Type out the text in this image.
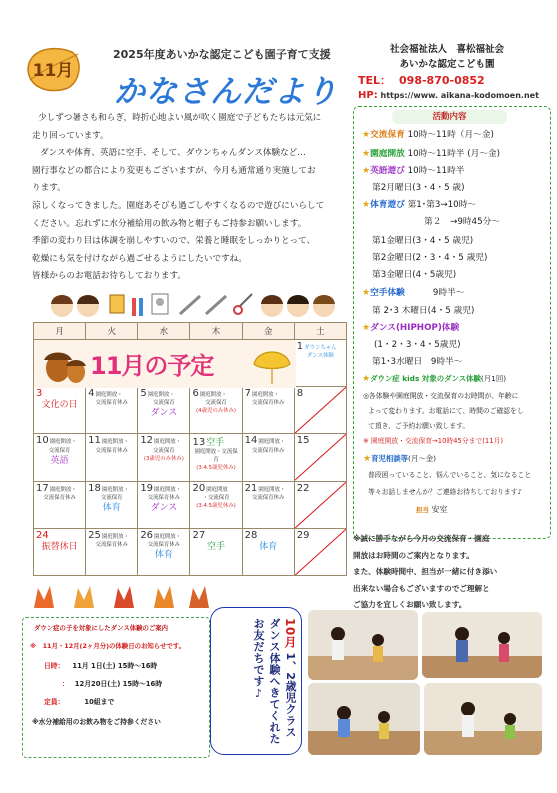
11月
2025年度あいかな認定こども園子育て支援
かなさんだより
社会福祉法人　喜松福祉会
あいかな認定こども園
TEL： 098-870-0852
HP: https://www. aikana-kodomoen.net

少しずつ暑さも和らぎ，時折心地よい風が吹く園庭で子どもたちは元気に

走り回っています。

ダンスや体育、英語に空手、そして、ダウンちゃんダンス体験など…

園行事などの都合により変更もございますが、今月も通常通り実施してお

ります。

涼しくなってきました。園庭あそびも過ごしやすくなるので遊びにいらして

ください。忘れずに水分補給用の飲み物と帽子もご持参お願いします。

季節の変わり目は体調を崩しやすいので、栄養と睡眠をしっかりとって、

乾燥にも気を付けながら過ごせるようにしたいですね。

皆様からのお電話お待ちしております。

活動内容
★交流保育 10時～11時（月～金)
★園庭開放 10時～11時半 (月～金)
★英語遊び 10時～11時半
第2月曜日(3・4・5 歳)
★体育遊び 第1･第3→10時～
第２　→9時45分～
第1金曜日(3・4・5 歳児)
第2金曜日(2・3・4・5 歳児)
第3金曜日(4・5歳児)
★空手体験	9時半～
第 2･3 木曜日(4・5 歳児)
★ダンス(HIPHOP)体験
(1・2・3・4・5歳児)
第1･3水曜日　9時半～
★ダウン症 kids 対象のダンス体験(月1回)
◎各体験や園庭開放・交流保育のお時間が、年齢に
よって変わります。お電話にて、時間のご確認をし
て頂き、ご予約お願い致します。
※ 園庭開放・交流保育→10時45分まで(11月)
★育児相談等(月～金)
普段困っていること、悩んでいること、気になること
等々お話しませんか？ご連絡お待ちしております♪
担当 安室

※誠に勝手ながら今月の交流保育・園庭

開放はお時間のご案内となります。

また、体験時間中、担当が一緒に付き添い

出来ない場合もございますのでご理解と

ご協力を宜しくお願い致します。

月	火	水	木	金	土
					1ダウンちゃん
ダンス体験

3
文化の日	4園庭開放・
交流保育休み	5園庭開放・
交流保育
ダンス	6園庭開放・
交流保育
(4歳児のみ休み)	7園庭開放・
交流保育休み	8

10園庭開放・
交流保育
英語	11園庭開放・
交流保育休み	12園庭開放・
交流保育
(3歳児のみ休み)	13空手
園庭開放・交流保育
(3.4.5歳児休み)	14園庭開放・
交流保育休み	15

17園庭開放・
交流保育休み	18園庭開放・
交流保育
体育	19園庭開放・
交流保育休み
ダンス	20園庭開放
・交流保育
(3.4.5歳児休み)	21園庭開放・
交流保育休み	22

24
振替休日	25園庭開放・
交流保育休み	26園庭開放・
交流保育休み
体育	27
空手	28
体育	29
11月の予定
ダウン症の子を対象にしたダンス体験のご案内
※　11月・12月(2ヶ月分)の体験日のお知らせです。
日時： 11月 1日(土) 15時～16時
： 12月20日(土) 15時～16時
定員：	10組まで
※水分補給用のお飲み物をご持参ください
10月 1、2歳児クラス ダンス体験へきてくれた お友だちです♪
